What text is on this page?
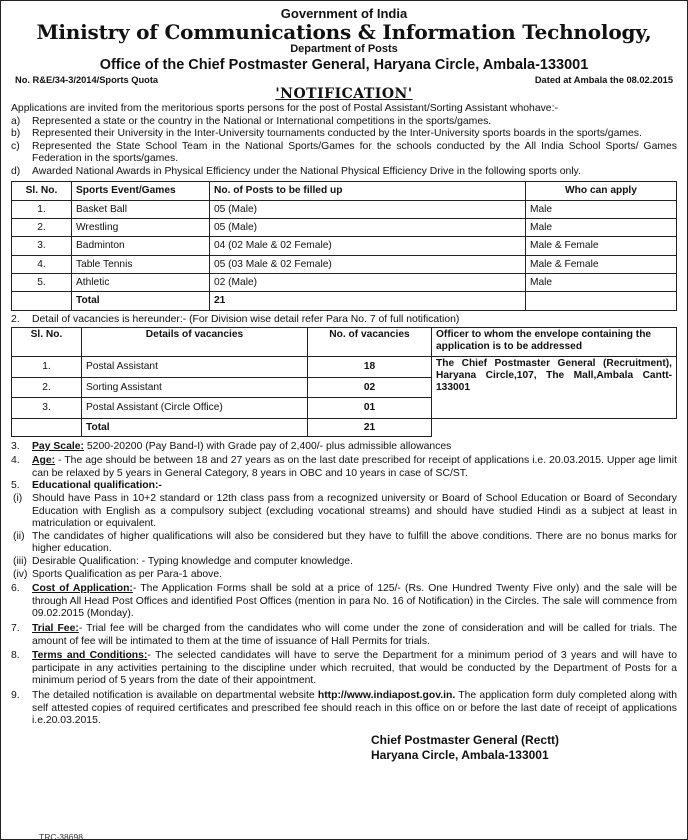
Government of India
Ministry of Communications & Information Technology,
Department of Posts
Office of the Chief Postmaster General, Haryana Circle, Ambala-133001
No. R&E/34-3/2014/Sports Quota	Dated at Ambala the 08.02.2015
'NOTIFICATION'
Applications are invited from the meritorious sports persons for the post of Postal Assistant/Sorting Assistant whohave:-
a)	Represented a state or the country in the National or International competitions in the sports/games.
b)	Represented their University in the Inter-University tournaments conducted by the Inter-University sports boards in the sports/games.
c)	Represented the State School Team in the National Sports/Games for the schools conducted by the All India School Sports/ Games Federation in the sports/games.
d)	Awarded National Awards in Physical Efficiency under the National Physical Efficiency Drive in the following sports only.
Sl. No.	Sports Event/Games	No. of Posts to be filled up	Who can apply
1.	Basket Ball	05 (Male)	Male
2.	Wrestling	05 (Male)	Male
3.	Badminton	04 (02 Male & 02 Female)	Male & Female
4.	Table Tennis	05 (03 Male & 02 Female)	Male & Female
5.	Athletic	02 (Male)	Male
	Total	21	
2.	Detail of vacancies is hereunder:- (For Division wise detail refer Para No. 7 of full notification)
Sl. No.	Details of vacancies	No. of vacancies	Officer to whom the envelope containing the application is to be addressed
1.	Postal Assistant	18	The Chief Postmaster General (Recruitment), Haryana Circle,107, The Mall,Ambala Cantt-133001
2.	Sorting Assistant	02	
3.	Postal Assistant (Circle Office)	01	
	Total	21	
3.	Pay Scale: 5200-20200 (Pay Band-I) with Grade pay of 2,400/- plus admissible allowances
4.	Age: - The age should be between 18 and 27 years as on the last date prescribed for receipt of applications i.e. 20.03.2015. Upper age limit can be relaxed by 5 years in General Category, 8 years in OBC and 10 years in case of SC/ST.
5.	Educational qualification:-
(i) Should have Pass in 10+2 standard or 12th class pass from a recognized university or Board of School Education or Board of Secondary Education with English as a compulsory subject (excluding vocational streams) and should have studied Hindi as a subject at least in matriculation or equivalent.
(ii) The candidates of higher qualifications will also be considered but they have to fulfill the above conditions. There are no bonus marks for higher education.
(iii) Desirable Qualification: - Typing knowledge and computer knowledge.
(iv) Sports Qualification as per Para-1 above.
6.	Cost of Application:- The Application Forms shall be sold at a price of 125/- (Rs. One Hundred Twenty Five only) and the sale will be through All Head Post Offices and identified Post Offices (mention in para No. 16 of Notification) in the Circles. The sale will commence from 09.02.2015 (Monday).
7.	Trial Fee:- Trial fee will be charged from the candidates who will come under the zone of consideration and will be called for trials. The amount of fee will be intimated to them at the time of issuance of Hall Permits for trials.
8.	Terms and Conditions:- The selected candidates will have to serve the Department for a minimum period of 3 years and will have to participate in any activities pertaining to the discipline under which recruited, that would be conducted by the Department of Posts for a minimum period of 5 years from the date of their appointment.
9.	The detailed notification is available on departmental website http://www.indiapost.gov.in. The application form duly completed along with self attested copies of required certificates and prescribed fee should reach in this office on or before the last date of receipt of applications i.e.20.03.2015.
Chief Postmaster General (Rectt)
Haryana Circle, Ambala-133001
TRC-38698
